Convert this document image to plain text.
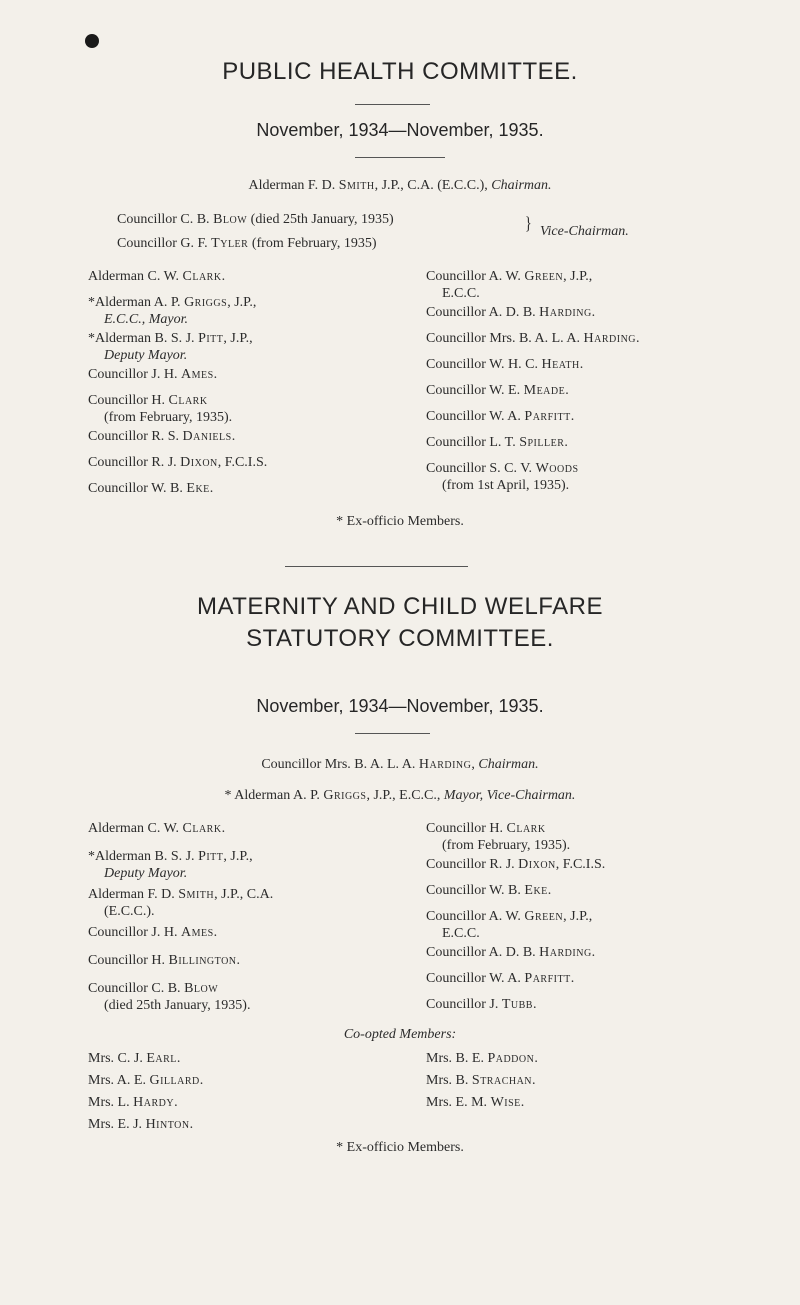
PUBLIC HEALTH COMMITTEE.
November, 1934—November, 1935.
Alderman F. D. Smith, J.P., C.A. (E.C.C.), Chairman.
Councillor C. B. Blow (died 25th January, 1935)
Councillor G. F. Tyler (from February, 1935)
} Vice-Chairman.
Alderman C. W. Clark.
*Alderman A. P. Griggs, J.P.,
E.C.C., Mayor.
*Alderman B. S. J. Pitt, J.P.,
Deputy Mayor.
Councillor J. H. Ames.
Councillor H. Clark
(from February, 1935).
Councillor R. S. Daniels.
Councillor R. J. Dixon, F.C.I.S.
Councillor W. B. Eke.
Councillor A. W. Green, J.P.,
E.C.C.
Councillor A. D. B. Harding.
Councillor Mrs. B. A. L. A. Harding.
Councillor W. H. C. Heath.
Councillor W. E. Meade.
Councillor W. A. Parfitt.
Councillor L. T. Spiller.
Councillor S. C. V. Woods
(from 1st April, 1935).
* Ex-officio Members.
MATERNITY AND CHILD WELFARE
STATUTORY COMMITTEE.
November, 1934—November, 1935.
Councillor Mrs. B. A. L. A. Harding, Chairman.
* Alderman A. P. Griggs, J.P., E.C.C., Mayor, Vice-Chairman.
Alderman C. W. Clark.
*Alderman B. S. J. Pitt, J.P.,
Deputy Mayor.
Alderman F. D. Smith, J.P., C.A.
(E.C.C.).
Councillor J. H. Ames.
Councillor H. Billington.
Councillor C. B. Blow
(died 25th January, 1935).
Councillor H. Clark
(from February, 1935).
Councillor R. J. Dixon, F.C.I.S.
Councillor W. B. Eke.
Councillor A. W. Green, J.P.,
E.C.C.
Councillor A. D. B. Harding.
Councillor W. A. Parfitt.
Councillor J. Tubb.
Co-opted Members:
Mrs. C. J. Earl.
Mrs. A. E. Gillard.
Mrs. L. Hardy.
Mrs. E. J. Hinton.
Mrs. B. E. Paddon.
Mrs. B. Strachan.
Mrs. E. M. Wise.
* Ex-officio Members.
